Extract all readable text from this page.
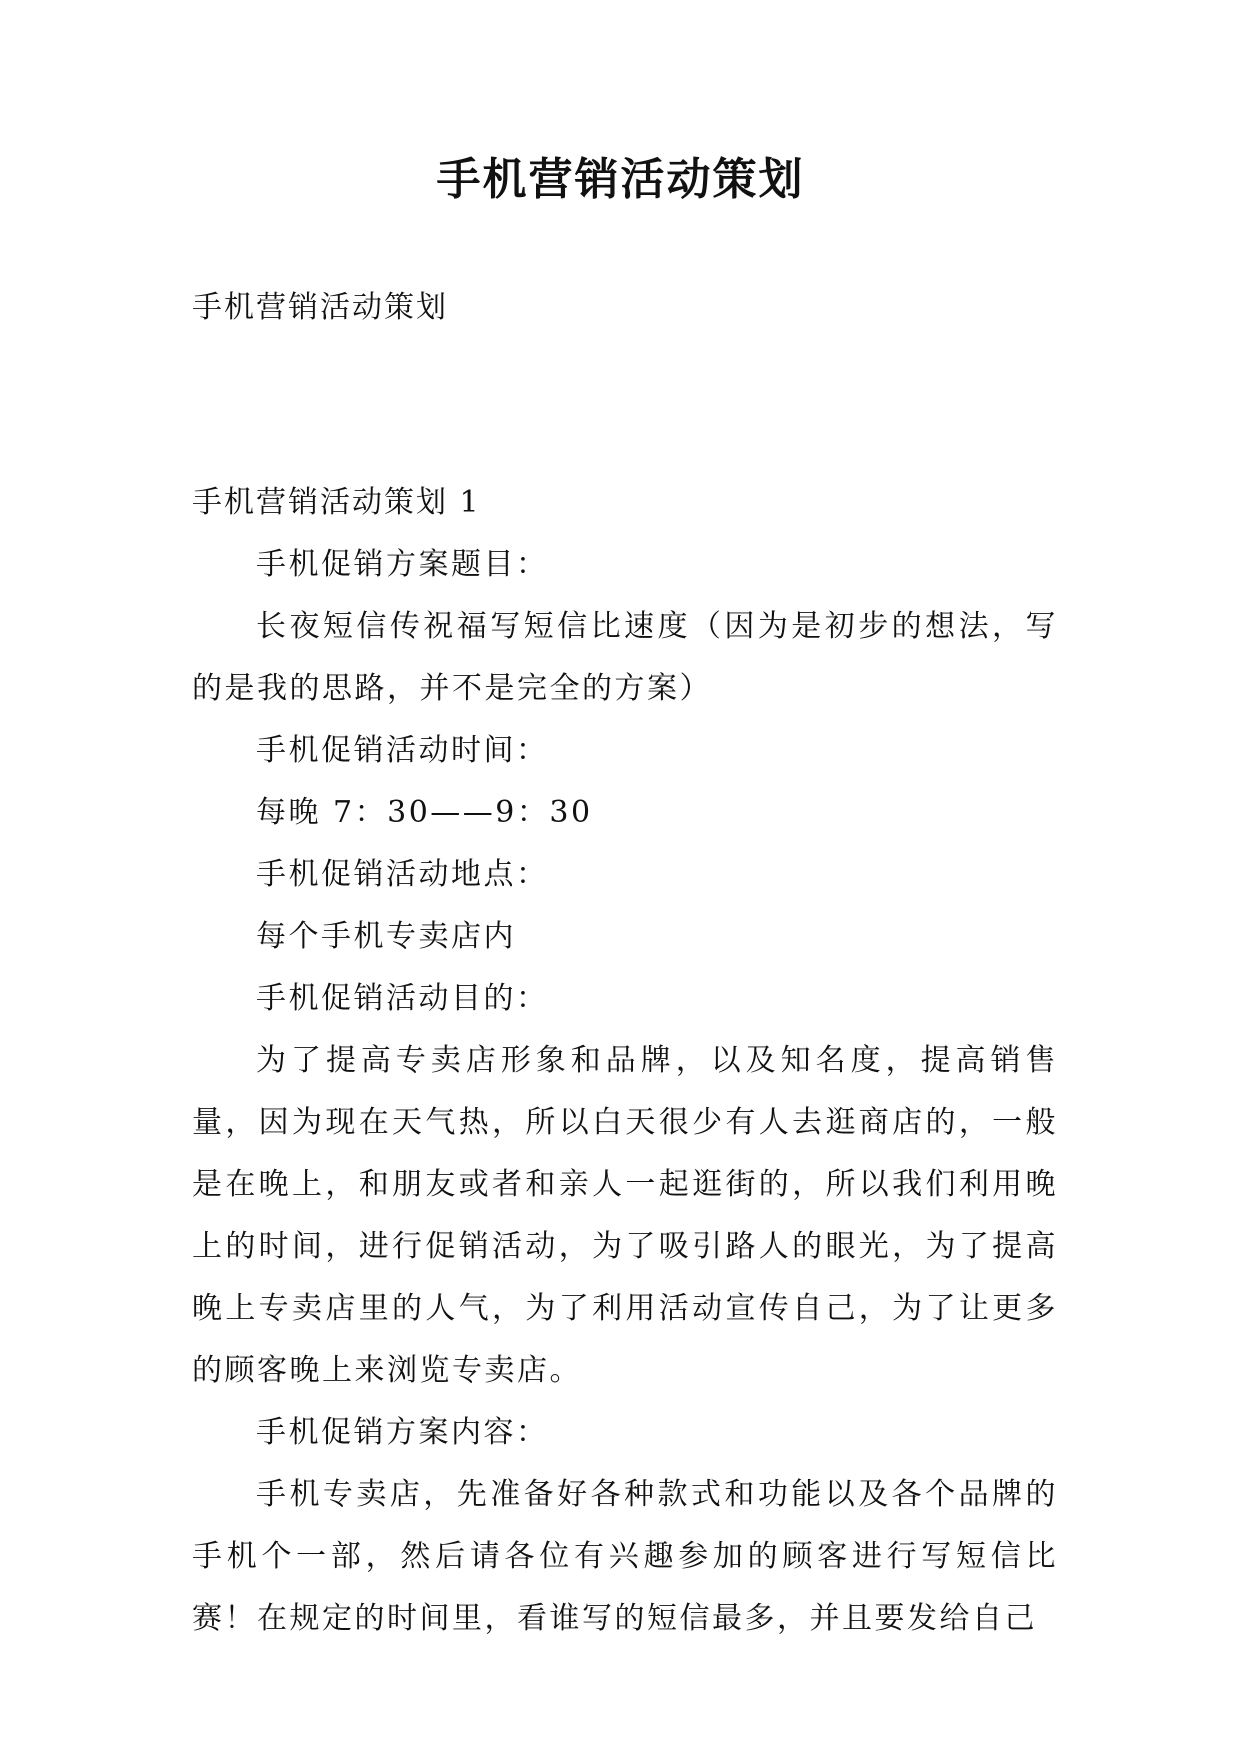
手机营销活动策划
手机营销活动策划

手机营销活动策划 1

手机促销方案题目：

长夜短信传祝福写短信比速度（因为是初步的想法，写的是我的思路，并不是完全的方案）

手机促销活动时间：

每晚 7：30——9：30

手机促销活动地点：

每个手机专卖店内

手机促销活动目的：

为了提高专卖店形象和品牌，以及知名度，提高销售量，因为现在天气热，所以白天很少有人去逛商店的，一般是在晚上，和朋友或者和亲人一起逛街的，所以我们利用晚上的时间，进行促销活动，为了吸引路人的眼光，为了提高晚上专卖店里的人气，为了利用活动宣传自己，为了让更多的顾客晚上来浏览专卖店。

手机促销方案内容：

手机专卖店，先准备好各种款式和功能以及各个品牌的手机个一部，然后请各位有兴趣参加的顾客进行写短信比赛！在规定的时间里，看谁写的短信最多，并且要发给自己
